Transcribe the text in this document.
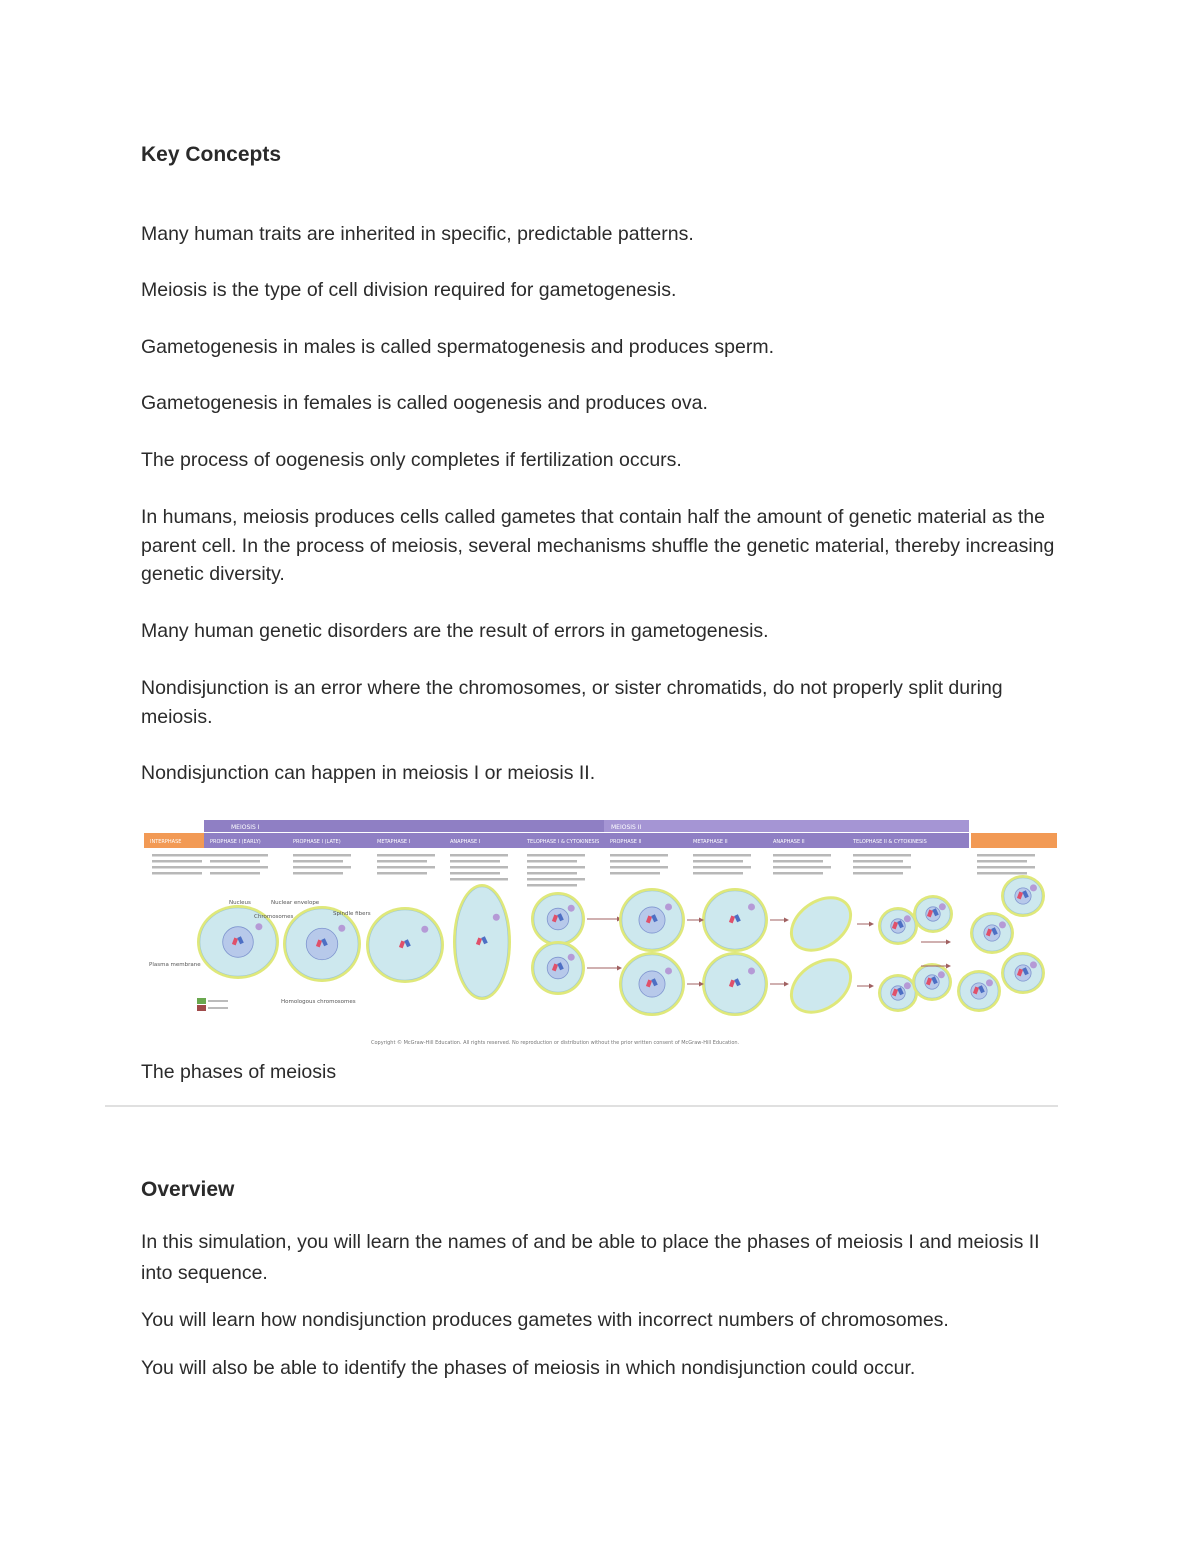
Key Concepts
Many human traits are inherited in specific, predictable patterns.
Meiosis is the type of cell division required for gametogenesis.
Gametogenesis in males is called spermatogenesis and produces sperm.
Gametogenesis in females is called oogenesis and produces ova.
The process of oogenesis only completes if fertilization occurs.
In humans, meiosis produces cells called gametes that contain half the amount of genetic material as the parent cell. In the process of meiosis, several mechanisms shuffle the genetic material, thereby increasing genetic diversity.
Many human genetic disorders are the result of errors in gametogenesis.
Nondisjunction is an error where the chromosomes, or sister chromatids, do not properly split during meiosis.
Nondisjunction can happen in meiosis I or meiosis II.
MEIOSIS I	MEIOSIS II
INTERPHASE	PROPHASE I (EARLY)	PROPHASE I (LATE)	METAPHASE I	ANAPHASE I	TELOPHASE I & CYTOKINESIS PROPHASE II	METAPHASE II	ANAPHASE II	TELOPHASE II & CYTOKINESIS
Nucleus	Nuclear envelope
Chromosomes	Spindle fibers
Plasma membrane
Homologous chromosomes
Copyright © McGraw-Hill Education. All rights reserved. No reproduction or distribution without the prior written consent of McGraw-Hill Education.
The phases of meiosis
Overview
In this simulation, you will learn the names of and be able to place the phases of meiosis I and meiosis II into sequence.
You will learn how nondisjunction produces gametes with incorrect numbers of chromosomes.
You will also be able to identify the phases of meiosis in which nondisjunction could occur.
